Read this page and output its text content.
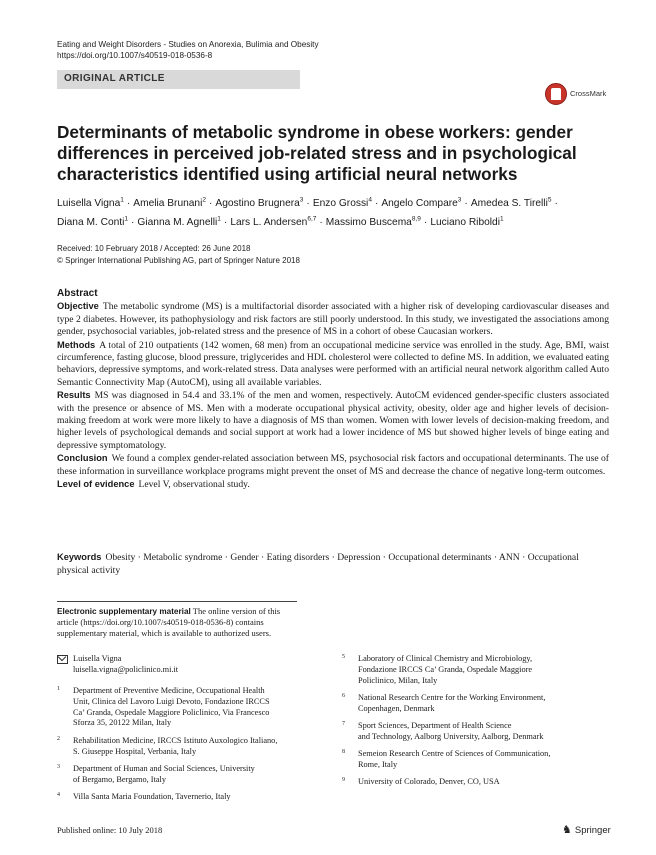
Eating and Weight Disorders - Studies on Anorexia, Bulimia and Obesity
https://doi.org/10.1007/s40519-018-0536-8
ORIGINAL ARTICLE
CrossMark
Determinants of metabolic syndrome in obese workers: gender differences in perceived job-related stress and in psychological characteristics identified using artificial neural networks
Luisella Vigna$^1$ · Amelia Brunani$^2$ · Agostino Brugnera$^3$ · Enzo Grossi$^4$ · Angelo Compare$^3$ · Amedea S. Tirelli$^5$ ·
Diana M. Conti$^1$ · Gianna M. Agnelli$^1$ · Lars L. Andersen$^{6,7}$ · Massimo Buscema$^{8,9}$ · Luciano Riboldi$^1$
Received: 10 February 2018 / Accepted: 26 June 2018
© Springer International Publishing AG, part of Springer Nature 2018
Abstract

Objective The metabolic syndrome (MS) is a multifactorial disorder associated with a higher risk of developing cardiovascular diseases and type 2 diabetes. However, its pathophysiology and risk factors are still poorly understood. In this study, we investigated the associations among gender, psychosocial variables, job-related stress and the presence of MS in a cohort of obese Caucasian workers.

Methods A total of 210 outpatients (142 women, 68 men) from an occupational medicine service was enrolled in the study. Age, BMI, waist circumference, fasting glucose, blood pressure, triglycerides and HDL cholesterol were collected to define MS. In addition, we evaluated eating behaviors, depressive symptoms, and work-related stress. Data analyses were performed with an artificial neural network algorithm called Auto Semantic Connectivity Map (AutoCM), using all available variables.

Results MS was diagnosed in 54.4 and 33.1% of the men and women, respectively. AutoCM evidenced gender-specific clusters associated with the presence or absence of MS. Men with a moderate occupational physical activity, obesity, older age and higher levels of decision-making freedom at work were more likely to have a diagnosis of MS than women. Women with lower levels of decision-making freedom, and higher levels of psychological demands and social support at work had a lower incidence of MS but showed higher levels of binge eating and depressive symptomatology.

Conclusion We found a complex gender-related association between MS, psychosocial risk factors and occupational determinants. The use of these information in surveillance workplace programs might prevent the onset of MS and decrease the chance of negative long-term outcomes.

Level of evidence Level V, observational study.

Keywords Obesity · Metabolic syndrome · Gender · Eating disorders · Depression · Occupational determinants · ANN · Occupational physical activity
Electronic supplementary material The online version of this article (https://doi.org/10.1007/s40519-018-0536-8) contains supplementary material, which is available to authorized users.
Luisella Vigna
luisella.vigna@policlinico.mi.it
1 Department of Preventive Medicine, Occupational Health
Unit, Clinica del Lavoro Luigi Devoto, Fondazione IRCCS
Ca’ Granda, Ospedale Maggiore Policlinico, Via Francesco
Sforza 35, 20122 Milan, Italy
2 Rehabilitation Medicine, IRCCS Istituto Auxologico Italiano,
S. Giuseppe Hospital, Verbania, Italy
3 Department of Human and Social Sciences, University
of Bergamo, Bergamo, Italy
4 Villa Santa Maria Foundation, Tavernerio, Italy
5 Laboratory of Clinical Chemistry and Microbiology,
Fondazione IRCCS Ca’ Granda, Ospedale Maggiore
Policlinico, Milan, Italy
6 National Research Centre for the Working Environment,
Copenhagen, Denmark
7 Sport Sciences, Department of Health Science
and Technology, Aalborg University, Aalborg, Denmark
8 Semeion Research Centre of Sciences of Communication,
Rome, Italy
9 University of Colorado, Denver, CO, USA
Published online: 10 July 2018	♞ Springer
